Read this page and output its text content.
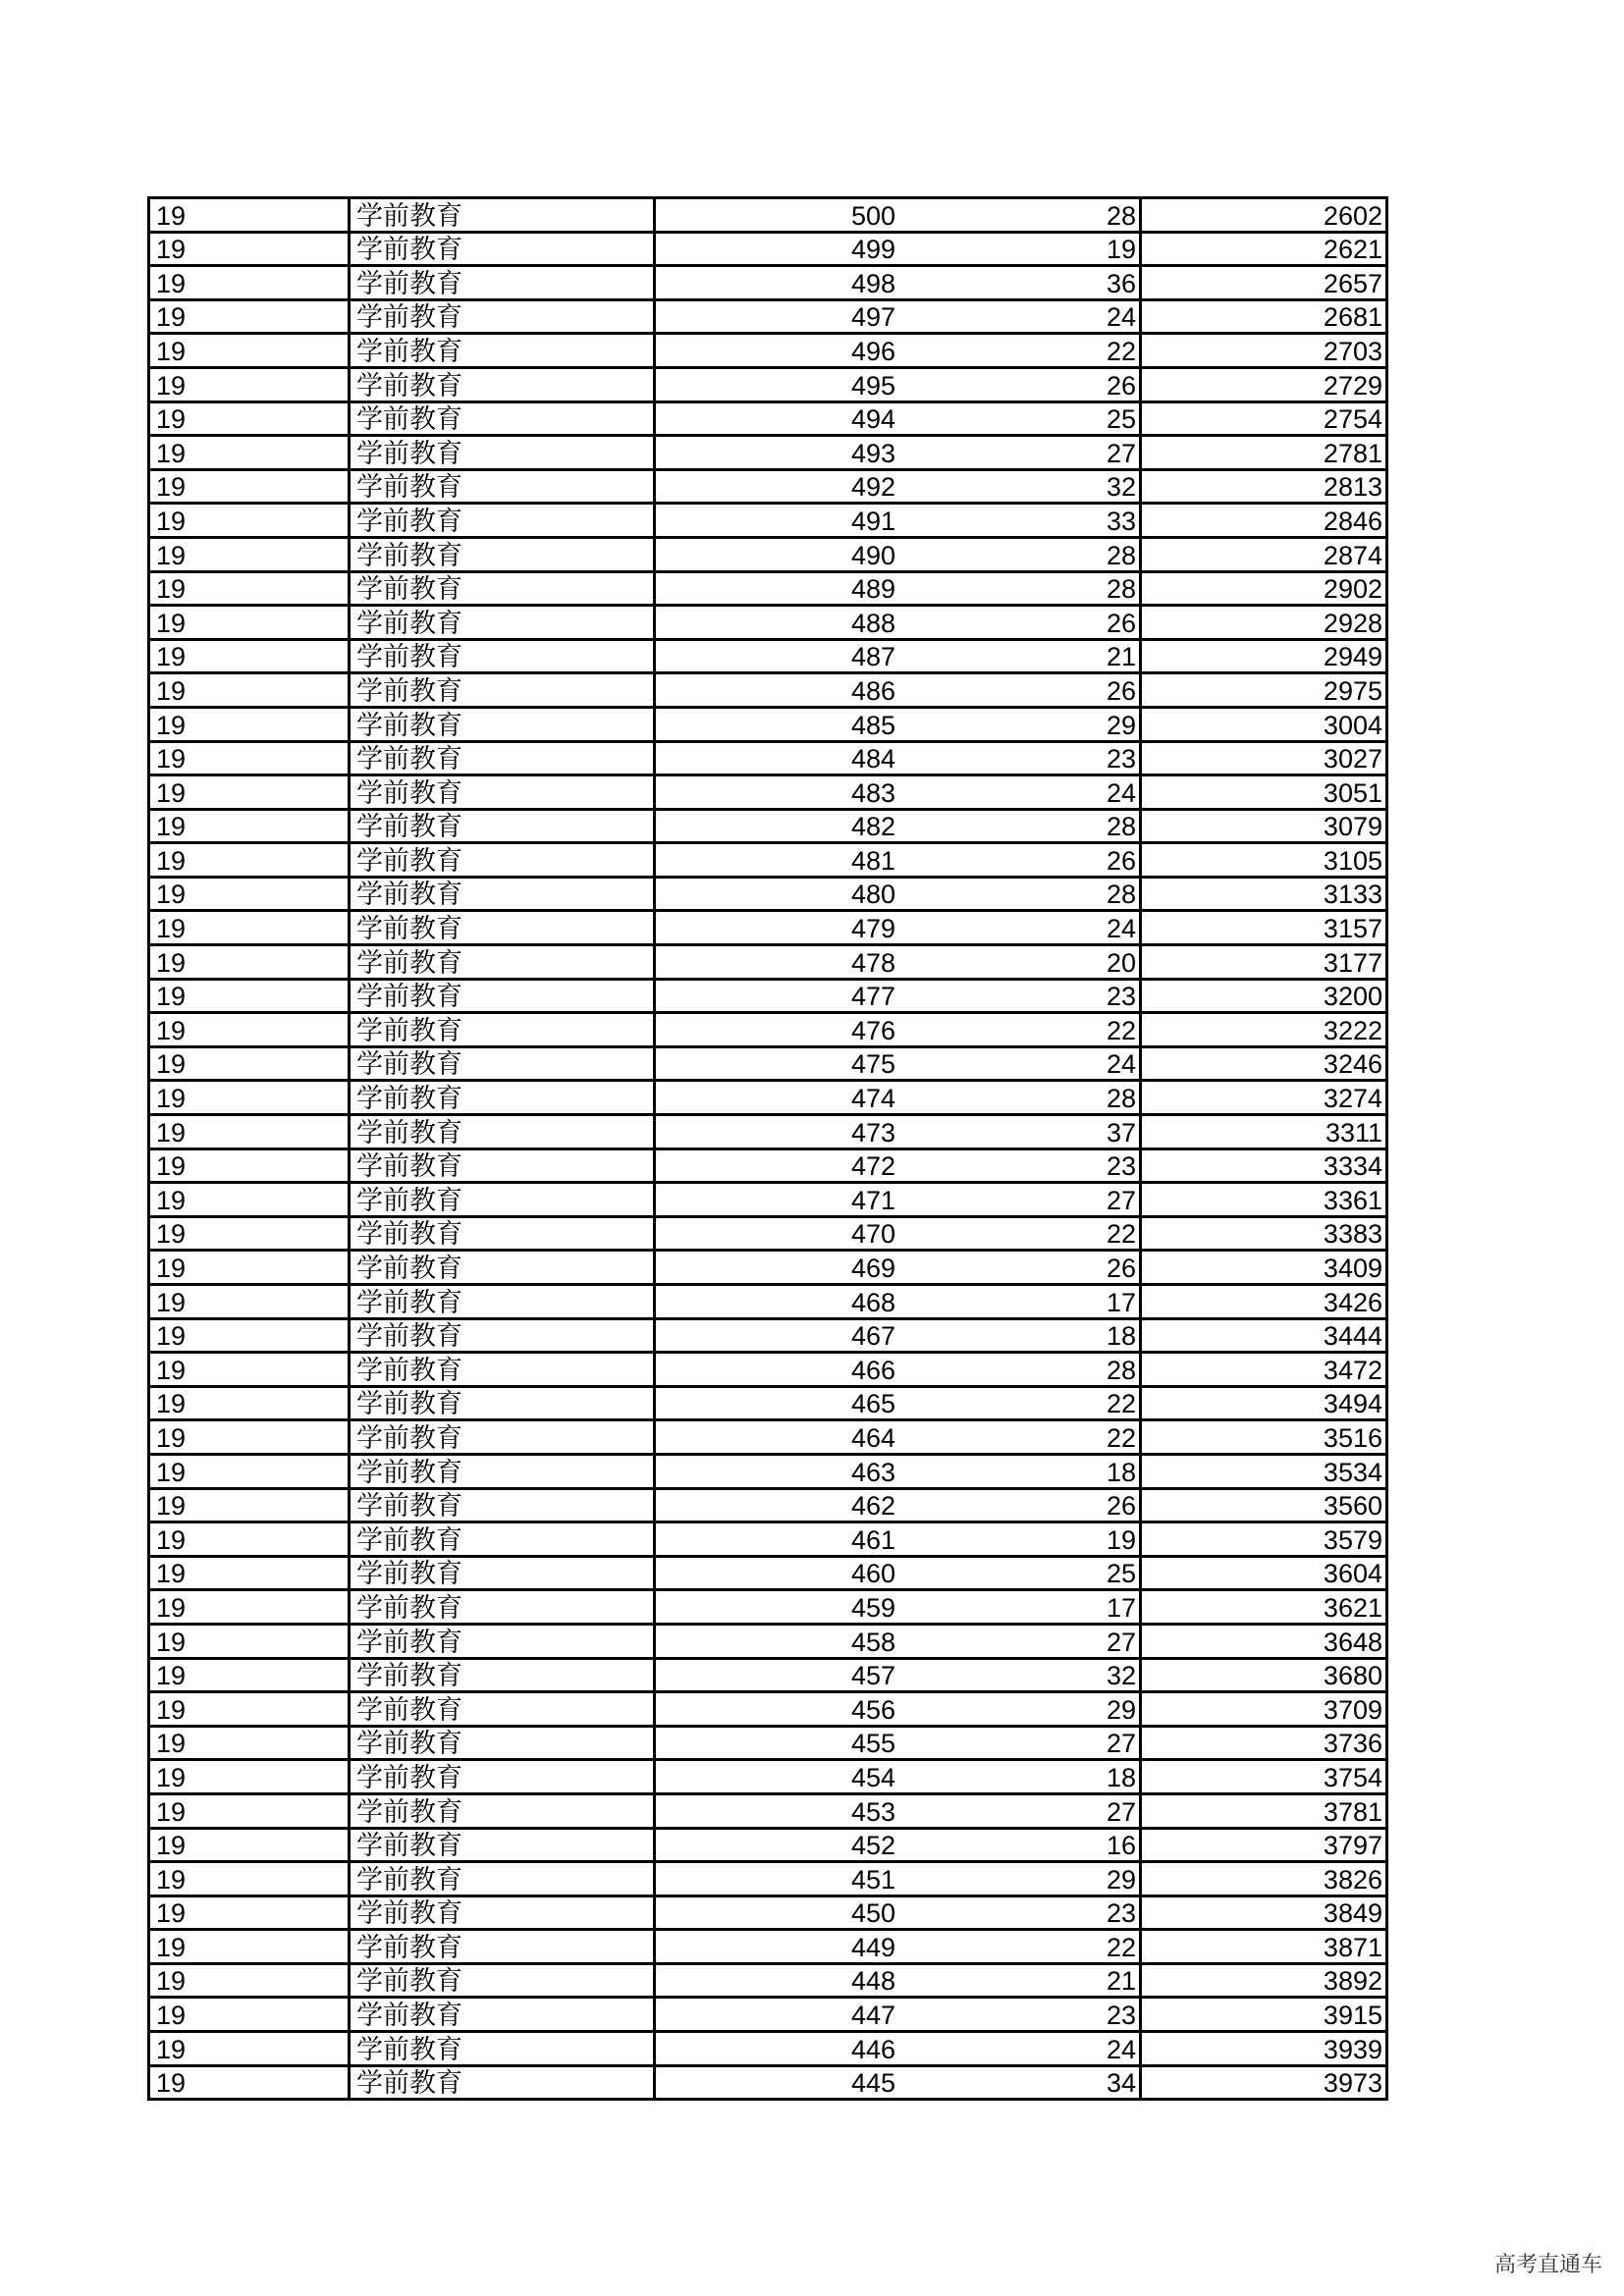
19	学前教育	500	28	2602
19	学前教育	499	19	2621
19	学前教育	498	36	2657
19	学前教育	497	24	2681
19	学前教育	496	22	2703
19	学前教育	495	26	2729
19	学前教育	494	25	2754
19	学前教育	493	27	2781
19	学前教育	492	32	2813
19	学前教育	491	33	2846
19	学前教育	490	28	2874
19	学前教育	489	28	2902
19	学前教育	488	26	2928
19	学前教育	487	21	2949
19	学前教育	486	26	2975
19	学前教育	485	29	3004
19	学前教育	484	23	3027
19	学前教育	483	24	3051
19	学前教育	482	28	3079
19	学前教育	481	26	3105
19	学前教育	480	28	3133
19	学前教育	479	24	3157
19	学前教育	478	20	3177
19	学前教育	477	23	3200
19	学前教育	476	22	3222
19	学前教育	475	24	3246
19	学前教育	474	28	3274
19	学前教育	473	37	3311
19	学前教育	472	23	3334
19	学前教育	471	27	3361
19	学前教育	470	22	3383
19	学前教育	469	26	3409
19	学前教育	468	17	3426
19	学前教育	467	18	3444
19	学前教育	466	28	3472
19	学前教育	465	22	3494
19	学前教育	464	22	3516
19	学前教育	463	18	3534
19	学前教育	462	26	3560
19	学前教育	461	19	3579
19	学前教育	460	25	3604
19	学前教育	459	17	3621
19	学前教育	458	27	3648
19	学前教育	457	32	3680
19	学前教育	456	29	3709
19	学前教育	455	27	3736
19	学前教育	454	18	3754
19	学前教育	453	27	3781
19	学前教育	452	16	3797
19	学前教育	451	29	3826
19	学前教育	450	23	3849
19	学前教育	449	22	3871
19	学前教育	448	21	3892
19	学前教育	447	23	3915
19	学前教育	446	24	3939
19	学前教育	445	34	3973
高考直通车
